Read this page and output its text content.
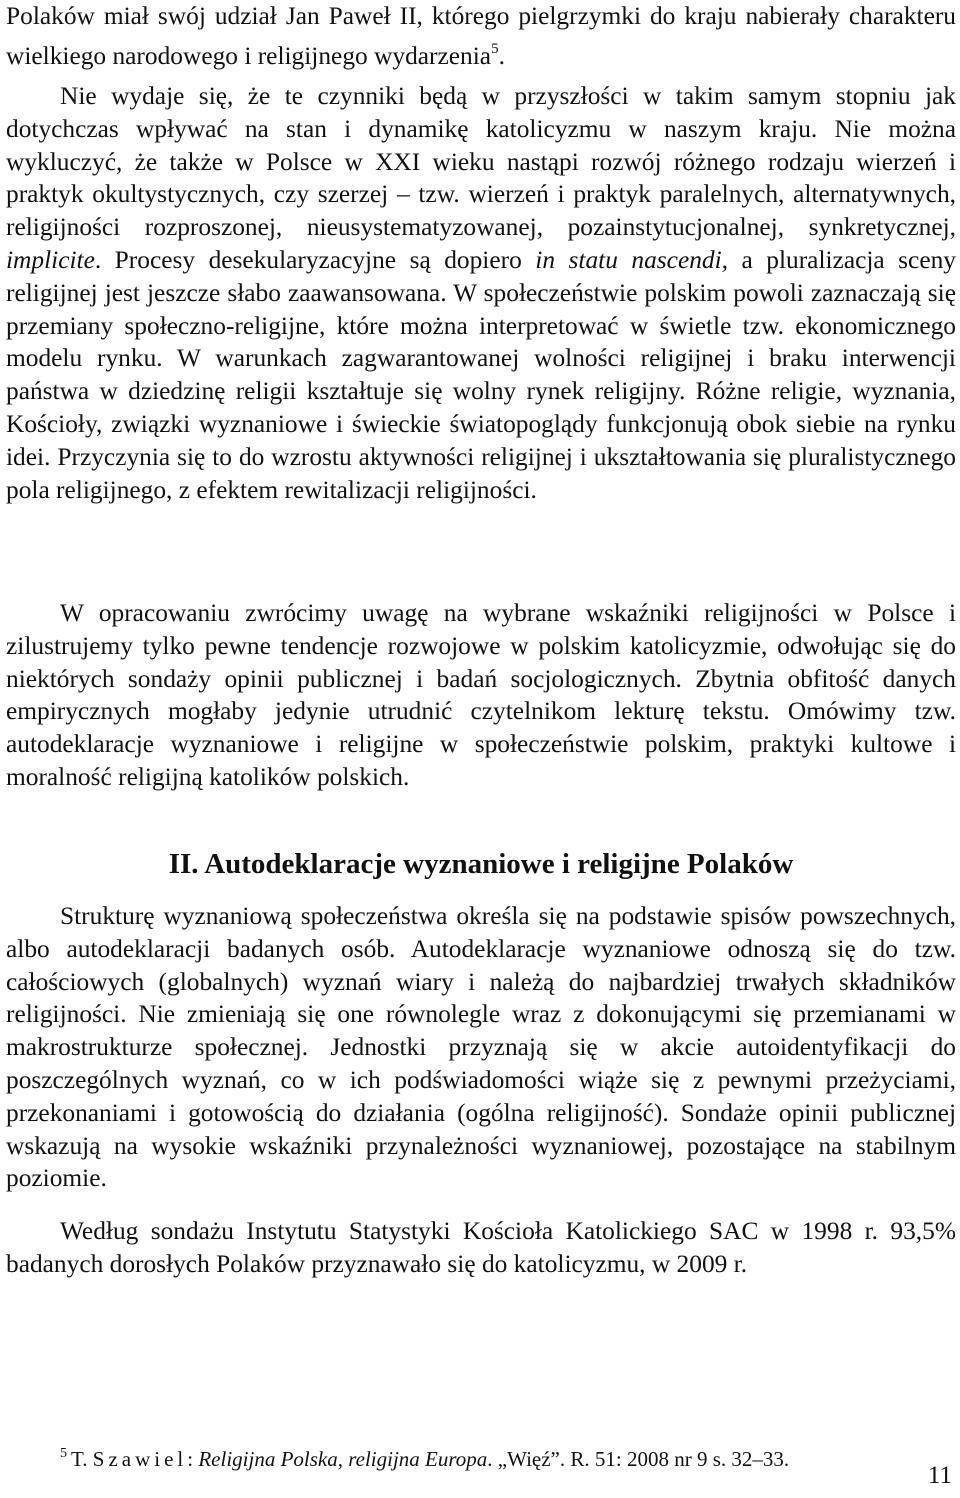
Polaków miał swój udział Jan Paweł II, którego pielgrzymki do kraju nabierały charakteru wielkiego narodowego i religijnego wydarzenia$^5$.

Nie wydaje się, że te czynniki będą w przyszłości w takim samym stopniu jak dotychczas wpływać na stan i dynamikę katolicyzmu w naszym kraju. Nie można wykluczyć, że także w Polsce w XXI wieku nastąpi rozwój różnego rodzaju wierzeń i praktyk okultystycznych, czy szerzej – tzw. wierzeń i praktyk paralelnych, alternatywnych, religijności rozproszonej, nieusystematyzowanej, pozainstytucjonalnej, synkretycznej, implicite. Procesy desekularyzacyjne są dopiero in statu nascendi, a pluralizacja sceny religijnej jest jeszcze słabo zaawansowana. W społeczeństwie polskim powoli zaznaczają się przemiany społeczno-religijne, które można interpretować w świetle tzw. ekonomicznego modelu rynku. W warunkach zagwarantowanej wolności religijnej i braku interwencji państwa w dziedzinę religii kształtuje się wolny rynek religijny. Różne religie, wyznania, Kościoły, związki wyznaniowe i świeckie światopoglądy funkcjonują obok siebie na rynku idei. Przyczynia się to do wzrostu aktywności religijnej i ukształtowania się pluralistycznego pola religijnego, z efektem rewitalizacji religijności.

W opracowaniu zwrócimy uwagę na wybrane wskaźniki religijności w Polsce i zilustrujemy tylko pewne tendencje rozwojowe w polskim katolicyzmie, odwołując się do niektórych sondaży opinii publicznej i badań socjologicznych. Zbytnia obfitość danych empirycznych mogłaby jedynie utrudnić czytelnikom lekturę tekstu. Omówimy tzw. autodeklaracje wyznaniowe i religijne w społeczeństwie polskim, praktyki kultowe i moralność religijną katolików polskich.

II. Autodeklaracje wyznaniowe i religijne Polaków

Strukturę wyznaniową społeczeństwa określa się na podstawie spisów powszechnych, albo autodeklaracji badanych osób. Autodeklaracje wyznaniowe odnoszą się do tzw. całościowych (globalnych) wyznań wiary i należą do najbardziej trwałych składników religijności. Nie zmieniają się one równolegle wraz z dokonującymi się przemianami w makrostrukturze społecznej. Jednostki przyznają się w akcie autoidentyfikacji do poszczególnych wyznań, co w ich podświadomości wiąże się z pewnymi przeżyciami, przekonaniami i gotowością do działania (ogólna religijność). Sondaże opinii publicznej wskazują na wysokie wskaźniki przynależności wyznaniowej, pozostające na stabilnym poziomie.

Według sondażu Instytutu Statystyki Kościoła Katolickiego SAC w 1998 r. 93,5% badanych dorosłych Polaków przyznawało się do katolicyzmu, w 2009 r.

$^5$ T. Szawiel: Religijna Polska, religijna Europa. „Więź”. R. 51: 2008 nr 9 s. 32–33.

11
